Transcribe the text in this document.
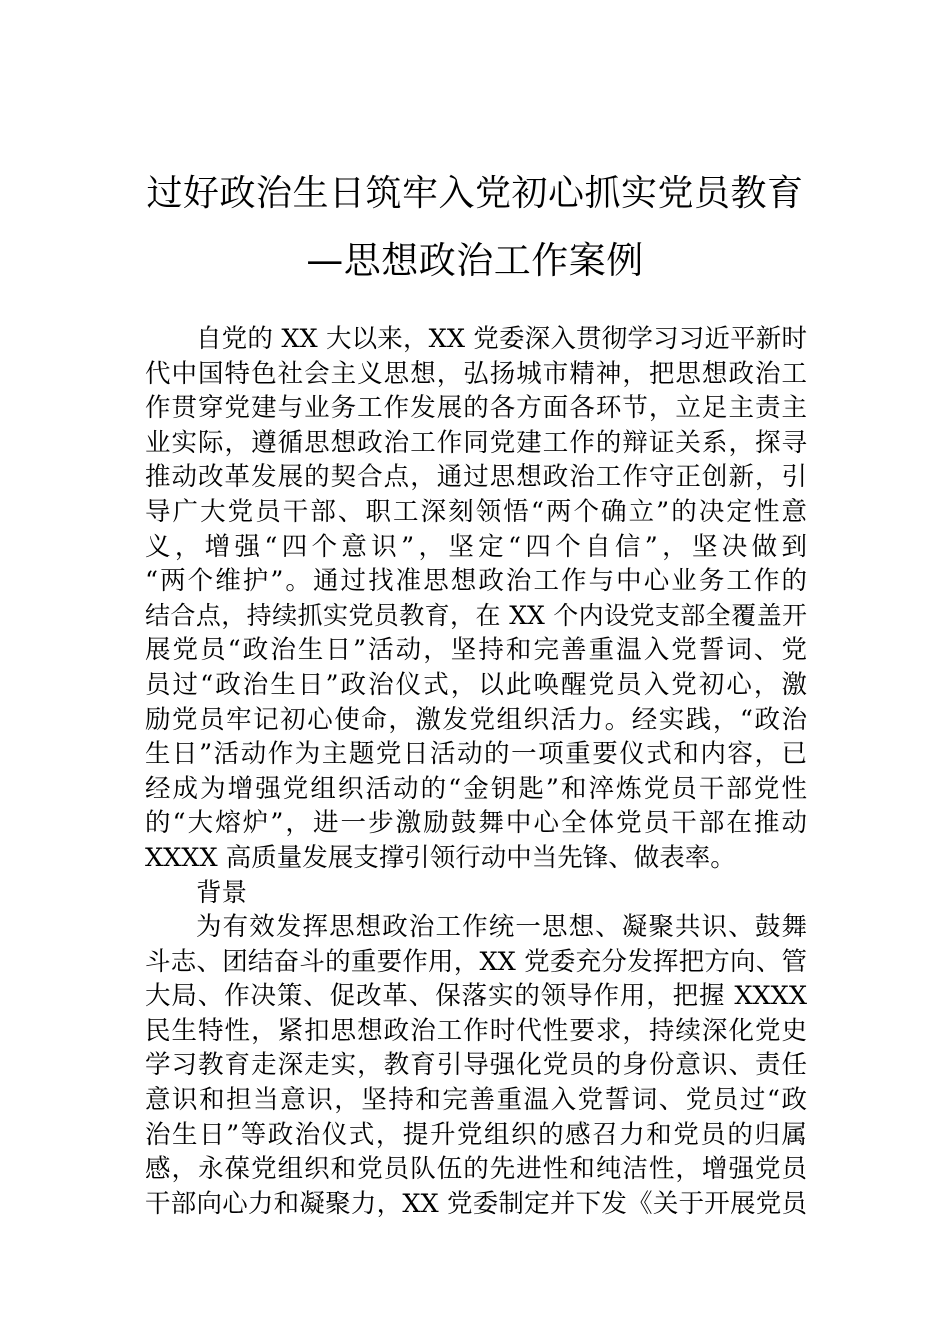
过好政治生日筑牢入党初心抓实党员教育
—思想政治工作案例
自党的 XX 大以来，XX 党委深入贯彻学习习近平新时
代中国特色社会主义思想，弘扬城市精神，把思想政治工
作贯穿党建与业务工作发展的各方面各环节，立足主责主
业实际，遵循思想政治工作同党建工作的辩证关系，探寻
推动改革发展的契合点，通过思想政治工作守正创新，引
导广大党员干部、职工深刻领悟“两个确立”的决定性意
义，增强“四个意识”，坚定“四个自信”，坚决做到
“两个维护”。通过找准思想政治工作与中心业务工作的
结合点，持续抓实党员教育，在 XX 个内设党支部全覆盖开
展党员“政治生日”活动，坚持和完善重温入党誓词、党
员过“政治生日”政治仪式，以此唤醒党员入党初心，激
励党员牢记初心使命，激发党组织活力。经实践，“政治
生日”活动作为主题党日活动的一项重要仪式和内容，已
经成为增强党组织活动的“金钥匙”和淬炼党员干部党性
的“大熔炉”，进一步激励鼓舞中心全体党员干部在推动
XXXX 高质量发展支撑引领行动中当先锋、做表率。
背景
为有效发挥思想政治工作统一思想、凝聚共识、鼓舞
斗志、团结奋斗的重要作用，XX 党委充分发挥把方向、管
大局、作决策、促改革、保落实的领导作用，把握 XXXX
民生特性，紧扣思想政治工作时代性要求，持续深化党史
学习教育走深走实，教育引导强化党员的身份意识、责任
意识和担当意识，坚持和完善重温入党誓词、党员过“政
治生日”等政治仪式，提升党组织的感召力和党员的归属
感，永葆党组织和党员队伍的先进性和纯洁性，增强党员
干部向心力和凝聚力，XX 党委制定并下发《关于开展党员
